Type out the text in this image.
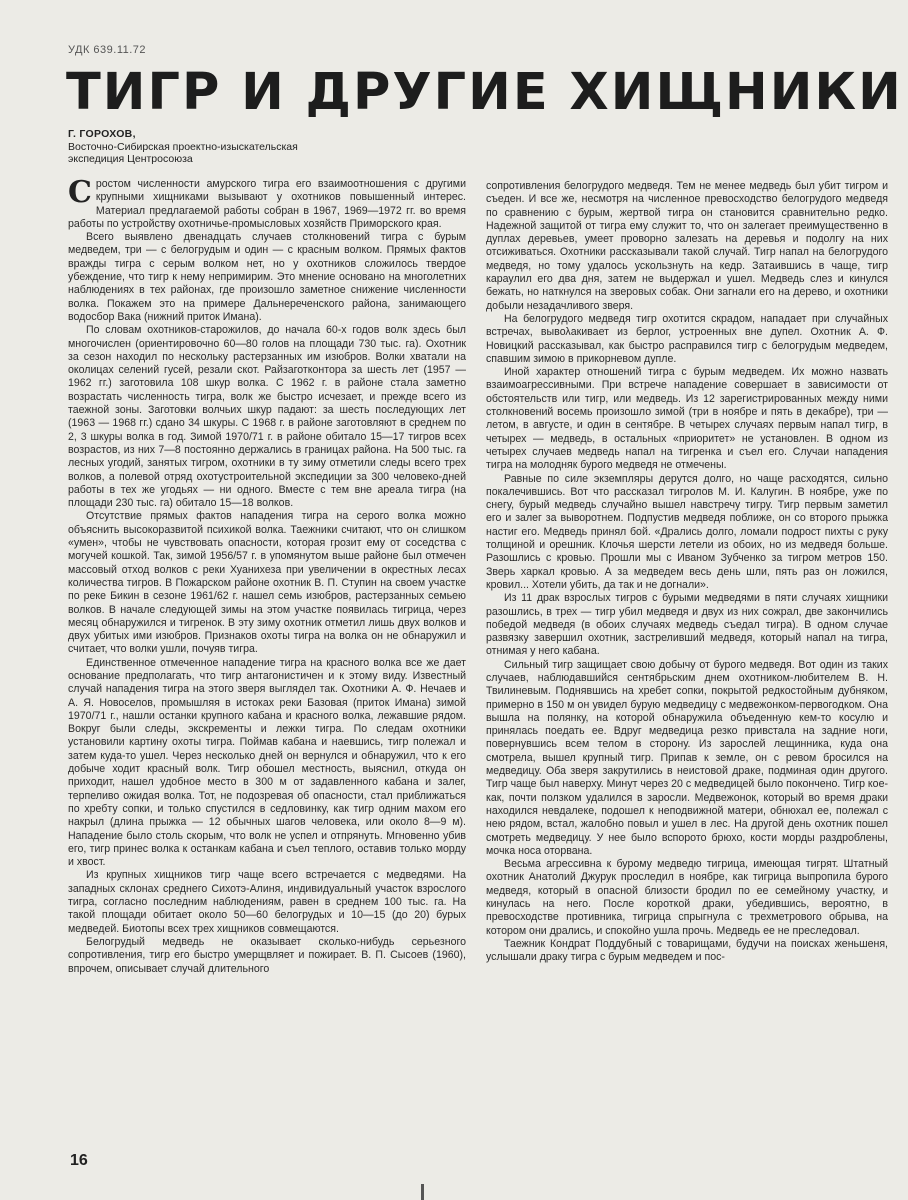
УДК 639.11.72
ТИГР И ДРУГИЕ ХИЩНИКИ
Г. ГОРОХОВ,
Восточно-Сибирская проектно-изыскательская
экспедиция Центросоюза

Сростом численности амурского тигра его взаимоотношения с другими крупными хищниками вызывают у охотников повышенный интерес. Материал предлагаемой работы собран в 1967, 1969—1972 гг. во время работы по устройству охотничье-промысловых хозяйств Приморского края.

Всего выявлено двенадцать случаев столкновений тигра с бурым медведем, три — с белогрудым и один — с красным волком. Прямых фактов вражды тигра с серым волком нет, но у охотников сложилось твердое убеждение, что тигр к нему непримирим. Это мнение основано на многолетних наблюдениях в тех районах, где произошло заметное снижение численности волка. Покажем это на примере Дальнереченского района, занимающего водосбор Вака (нижний приток Имана).

По словам охотников-старожилов, до начала 60-х годов волк здесь был многочислен (ориентировочно 60—80 голов на площади 730 тыс. га). Охотник за сезон находил по нескольку растерзанных им изюбров. Волки хватали на околицах селений гусей, резали скот. Райзаготконтора за шесть лет (1957 — 1962 гг.) заготовила 108 шкур волка. С 1962 г. в районе стала заметно возрастать численность тигра, волк же быстро исчезает, и прежде всего из таежной зоны. Заготовки волчьих шкур падают: за шесть последующих лет (1963 — 1968 гг.) сдано 34 шкуры. С 1968 г. в районе заготовляют в среднем по 2, 3 шкуры волка в год. Зимой 1970/71 г. в районе обитало 15—17 тигров всех возрастов, из них 7—8 постоянно держались в границах района. На 500 тыс. га лесных угодий, занятых тигром, охотники в ту зиму отметили следы всего трех волков, а полевой отряд охотустроительной экспедиции за 300 человеко-дней работы в тех же угодьях — ни одного. Вместе с тем вне ареала тигра (на площади 230 тыс. га) обитало 15—18 волков.

Отсутствие прямых фактов нападения тигра на серого волка можно объяснить высокоразвитой психикой волка. Таежники считают, что он слишком «умен», чтобы не чувствовать опасности, которая грозит ему от соседства с могучей кошкой. Так, зимой 1956/57 г. в упомянутом выше районе был отмечен массовый отход волков с реки Хуанихеза при увеличении в окрестных лесах количества тигров. В Пожарском районе охотник В. П. Ступин на своем участке по реке Бикин в сезоне 1961/62 г. нашел семь изюбров, растерзанных семьею волков. В начале следующей зимы на этом участке появилась тигрица, через месяц обнаружился и тигренок. В эту зиму охотник отметил лишь двух волков и двух убитых ими изюбров. Признаков охоты тигра на волка он не обнаружил и считает, что волки ушли, почуяв тигра.

Единственное отмеченное нападение тигра на красного волка все же дает основание предполагать, что тигр антагонистичен и к этому виду. Известный случай нападения тигра на этого зверя выглядел так. Охотники А. Ф. Нечаев и А. Я. Новоселов, промышляя в истоках реки Базовая (приток Имана) зимой 1970/71 г., нашли останки крупного кабана и красного волка, лежавшие рядом. Вокруг были следы, экскременты и лежки тигра. По следам охотники установили картину охоты тигра. Поймав кабана и наевшись, тигр полежал и затем куда-то ушел. Через несколько дней он вернулся и обнаружил, что к его добыче ходит красный волк. Тигр обошел местность, выяснил, откуда он приходит, нашел удобное место в 300 м от задавленного кабана и залег, терпеливо ожидая волка. Тот, не подозревая об опасности, стал приближаться по хребту сопки, и только спустился в седловинку, как тигр одним махом его накрыл (длина прыжка — 12 обычных шагов человека, или около 8—9 м). Нападение было столь скорым, что волк не успел и отпрянуть. Мгновенно убив его, тигр принес волка к останкам кабана и съел теплого, оставив только морду и хвост.

Из крупных хищников тигр чаще всего встречается с медведями. На западных склонах среднего Сихотэ-Алиня, индивидуальный участок взрослого тигра, согласно последним наблюдениям, равен в среднем 100 тыс. га. На такой площади обитает около 50—60 белогрудых и 10—15 (до 20) бурых медведей. Биотопы всех трех хищников совмещаются.

Белогрудый медведь не оказывает сколько-нибудь серьезного сопротивления, тигр его быстро умерщвляет и пожирает. В. П. Сысоев (1960), впрочем, описывает случай длительного

сопротивления белогрудого медведя. Тем не менее медведь был убит тигром и съеден. И все же, несмотря на численное превосходство белогрудого медведя по сравнению с бурым, жертвой тигра он становится сравнительно редко. Надежной защитой от тигра ему служит то, что он залегает преимущественно в дуплах деревьев, умеет проворно залезать на деревья и подолгу на них отсиживаться. Охотники рассказывали такой случай. Тигр напал на белогрудого медведя, но тому удалось ускользнуть на кедр. Затаившись в чаще, тигр караулил его два дня, затем не выдержал и ушел. Медведь слез и кинулся бежать, но наткнулся на зверовых собак. Они загнали его на дерево, и охотники добыли незадачливого зверя.

На белогрудого медведя тигр охотится скрадом, нападает при случайных встречах, вывολакивает из берлог, устроенных вне дупел. Охотник А. Ф. Новицкий рассказывал, как быстро расправился тигр с белогрудым медведем, спавшим зимою в прикорневом дупле.

Иной характер отношений тигра с бурым медведем. Их можно назвать взаимоагрессивными. При встрече нападение совершает в зависимости от обстоятельств или тигр, или медведь. Из 12 зарегистрированных между ними столкновений восемь произошло зимой (три в ноябре и пять в декабре), три — летом, в августе, и один в сентябре. В четырех случаях первым напал тигр, в четырех — медведь, в остальных «приоритет» не установлен. В одном из четырех случаев медведь напал на тигренка и съел его. Случаи нападения тигра на молодняк бурого медведя не отмечены.

Равные по силе экземпляры дерутся долго, но чаще расходятся, сильно покалечившись. Вот что рассказал тигролов М. И. Калугин. В ноябре, уже по снегу, бурый медведь случайно вышел навстречу тигру. Тигр первым заметил его и залег за выворотнем. Подпустив медведя поближе, он со второго прыжка настиг его. Медведь принял бой. «Дрались долго, ломали подрост пихты с руку толщиной и орешник. Клочья шерсти летели из обоих, но из медведя больше. Разошлись с кровью. Прошли мы с Иваном Зубченко за тигром метров 150. Зверь харкал кровью. А за медведем весь день шли, пять раз он ложился, кровил... Хотели убить, да так и не догнали».

Из 11 драк взрослых тигров с бурыми медведями в пяти случаях хищники разошлись, в трех — тигр убил медведя и двух из них сожрал, две закончились победой медведя (в обоих случаях медведь съедал тигра). В одном случае развязку завершил охотник, застреливший медведя, который напал на тигра, отнимая у него кабана.

Сильный тигр защищает свою добычу от бурого медведя. Вот один из таких случаев, наблюдавшийся сентябрьским днем охотником-любителем В. Н. Твилиневым. Поднявшись на хребет сопки, покрытой редкостойным дубняком, примерно в 150 м он увидел бурую медведицу с медвежонком-первогодком. Она вышла на полянку, на которой обнаружила объеденную кем-то косулю и принялась поедать ее. Вдруг медведица резко привстала на задние ноги, повернувшись всем телом в сторону. Из зарослей лещинника, куда она смотрела, вышел крупный тигр. Припав к земле, он с ревом бросился на медведицу. Оба зверя закрутились в неистовой драке, подминая один другого. Тигр чаще был наверху. Минут через 20 с медведицей было покончено. Тигр кое-как, почти ползком удалился в заросли. Медвежонок, который во время драки находился невдалеке, подошел к неподвижной матери, обнюхал ее, полежал с нею рядом, встал, жалобно повыл и ушел в лес. На другой день охотник пошел смотреть медведицу. У нее было вспорото брюхо, кости морды раздроблены, мочка носа оторвана.

Весьма агрессивна к бурому медведю тигрица, имеющая тигрят. Штатный охотник Анатолий Джурук проследил в ноябре, как тигрица выпропила бурого медведя, который в опасной близости бродил по ее семейному участку, и кинулась на него. После короткой драки, убедившись, вероятно, в превосходстве противника, тигрица спрыгнула с трехметрового обрыва, на котором они дрались, и спокойно ушла прочь. Медведь ее не преследовал.

Таежник Кондрат Поддубный с товарищами, будучи на поисках женьшеня, услышали драку тигра с бурым медведем и пос-

16
